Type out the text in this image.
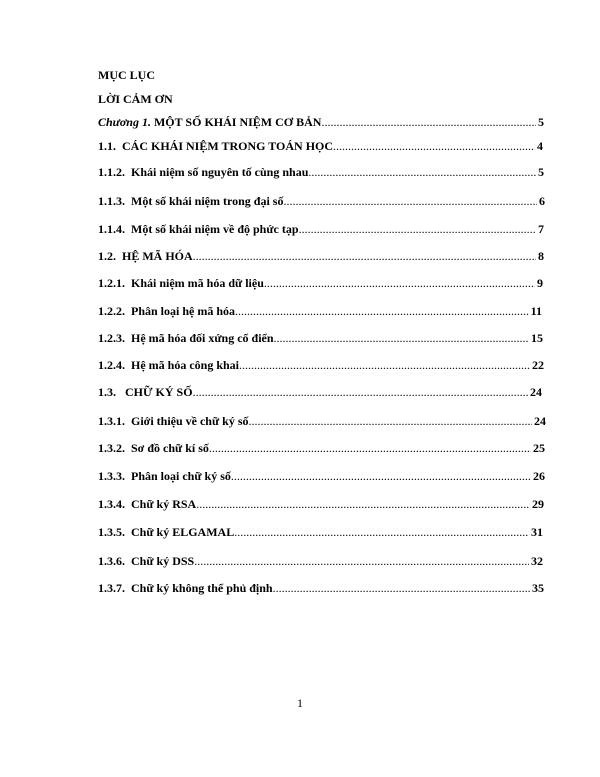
MỤC LỤC
LỜI CẢM ƠN
Chương 1. MỘT SỐ KHÁI NIỆM CƠ BẢN .....	5
1.1. CÁC KHÁI NIỆM TRONG TOÁN HỌC .....	4
1.1.2. Khái niệm số nguyên tố cùng nhau .....	5
1.1.3. Một số khái niệm trong đại số .....	6
1.1.4. Một số khái niệm về độ phức tạp .....	7
1.2. HỆ MÃ HÓA .....	8
1.2.1. Khái niệm mã hóa dữ liệu .....	9
1.2.2. Phân loại hệ mã hóa .....	11
1.2.3. Hệ mã hóa đối xứng cổ điển .....	15
1.2.4. Hệ mã hóa công khai .....	22
1.3.   CHỮ KÝ SỐ .....	24
1.3.1. Giới thiệu về chữ ký số .....	24
1.3.2. Sơ đồ chữ kí số .....	25
1.3.3. Phân loại chữ ký số .....	26
1.3.4. Chữ ký RSA .....	29
1.3.5. Chữ ký ELGAMAL .....	31
1.3.6. Chữ ký DSS .....	32
1.3.7. Chữ ký không thể phủ định .....	35
1
